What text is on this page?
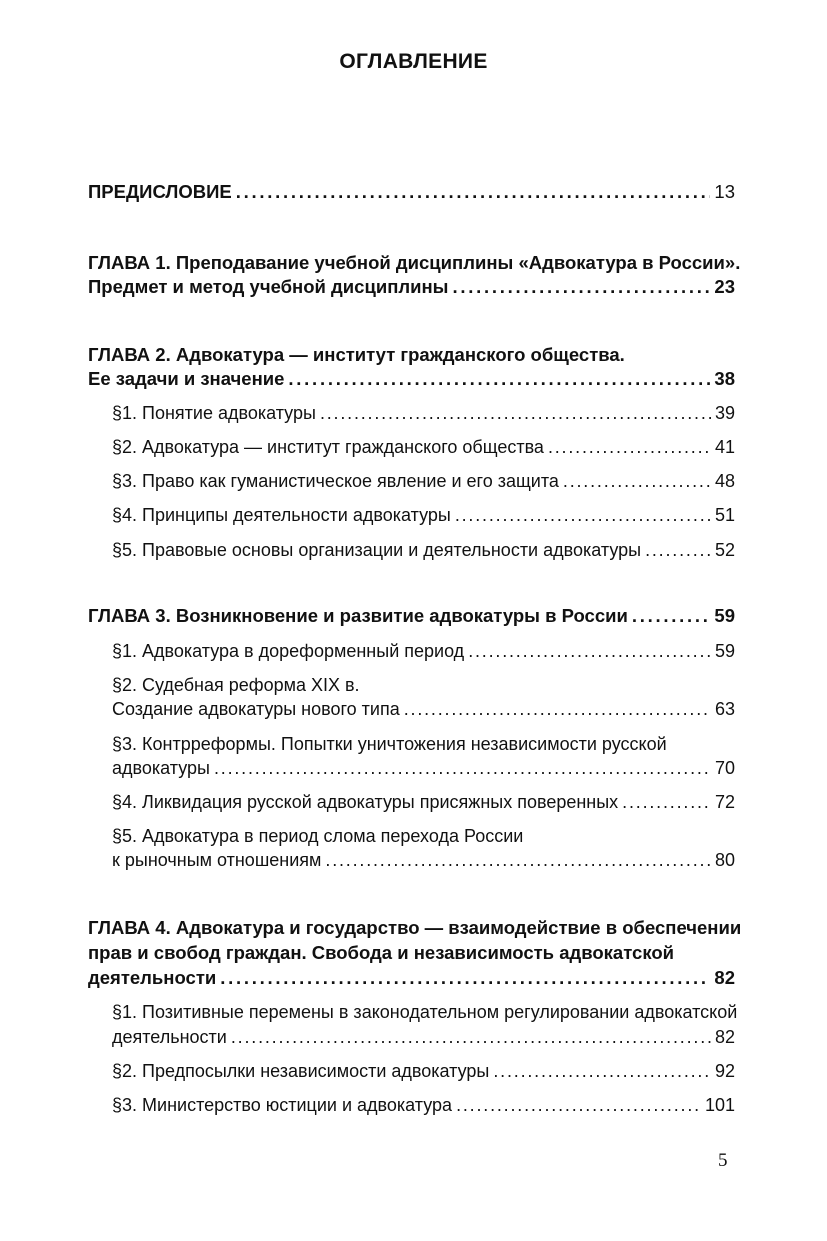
ОГЛАВЛЕНИЕ
ПРЕДИСЛОВИЕ . . .	13
ГЛАВА 1. Преподавание учебной дисциплины «Адвокатура в России».
Предмет и метод учебной дисциплины . . .	23
ГЛАВА 2. Адвокатура — институт гражданского общества.
Ее задачи и значение . . .	38
§1. Понятие адвокатуры . . .	39
§2. Адвокатура — институт гражданского общества . . .	41
§3. Право как гуманистическое явление и его защита . . .	48
§4. Принципы деятельности адвокатуры . . .	51
§5. Правовые основы организации и деятельности адвокатуры . . .	52
ГЛАВА 3. Возникновение и развитие адвокатуры в России . . .	59
§1. Адвокатура в дореформенный период . . .	59
§2. Судебная реформа XIX в.
Создание адвокатуры нового типа . . .	63
§3. Контрреформы. Попытки уничтожения независимости русской
адвокатуры . . .	70
§4. Ликвидация русской адвокатуры присяжных поверенных . . .	72
§5. Адвокатура в период слома перехода России
к рыночным отношениям . . .	80
ГЛАВА 4. Адвокатура и государство — взаимодействие в обеспечении
прав и свобод граждан. Свобода и независимость адвокатской
деятельности . . .	82
§1. Позитивные перемены в законодательном регулировании адвокатской
деятельности . . .	82
§2. Предпосылки независимости адвокатуры . . .	92
§3. Министерство юстиции и адвокатура . . .	101
5
